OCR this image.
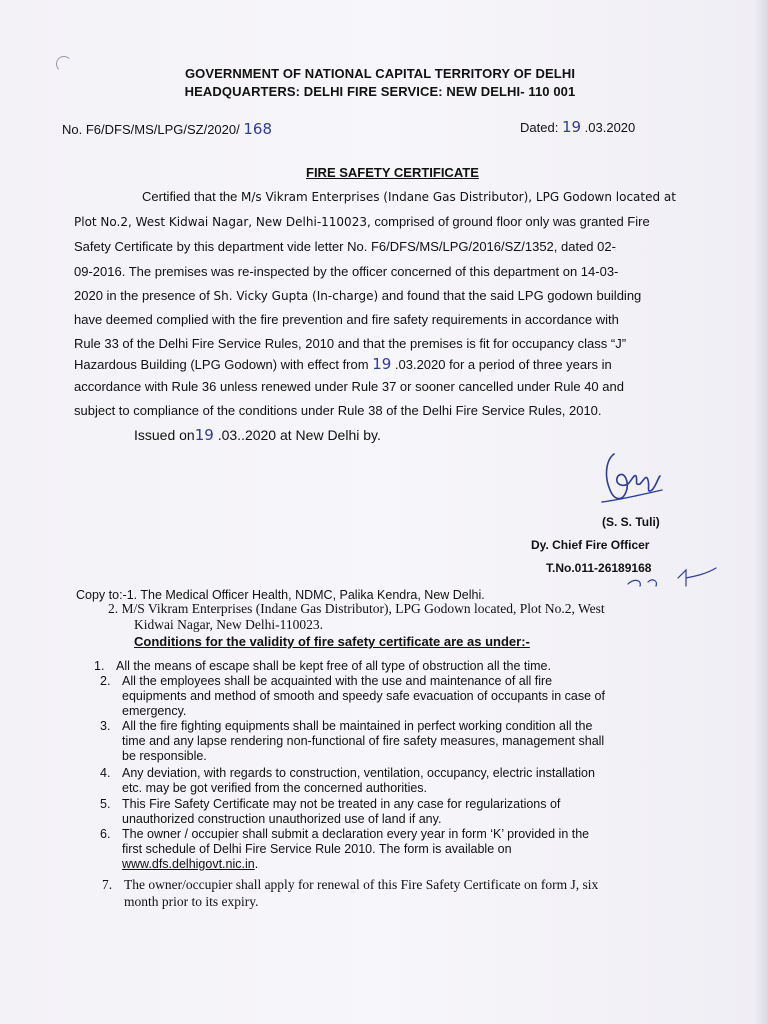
GOVERNMENT OF NATIONAL CAPITAL TERRITORY OF DELHI
HEADQUARTERS: DELHI FIRE SERVICE: NEW DELHI- 110 001
No. F6/DFS/MS/LPG/SZ/2020/ 168	Dated: 19 .03.2020
FIRE SAFETY CERTIFICATE
Certified that the M/s Vikram Enterprises (Indane Gas Distributor), LPG Godown located at
Plot No.2, West Kidwai Nagar, New Delhi-110023, comprised of ground floor only was granted Fire
Safety Certificate by this department vide letter No. F6/DFS/MS/LPG/2016/SZ/1352, dated 02-
09-2016. The premises was re-inspected by the officer concerned of this department on 14-03-
2020 in the presence of Sh. Vicky Gupta (In-charge) and found that the said LPG godown building
have deemed complied with the fire prevention and fire safety requirements in accordance with
Rule 33 of the Delhi Fire Service Rules, 2010 and that the premises is fit for occupancy class “J”
Hazardous Building (LPG Godown) with effect from 19 .03.2020 for a period of three years in
accordance with Rule 36 unless renewed under Rule 37 or sooner cancelled under Rule 40 and
subject to compliance of the conditions under Rule 38 of the Delhi Fire Service Rules, 2010.
Issued on19 .03..2020 at New Delhi by.
(S. S. Tuli)
Dy. Chief Fire Officer
T.No.011-26189168
Copy to:-1. The Medical Officer Health, NDMC, Palika Kendra, New Delhi.
2. M/S Vikram Enterprises (Indane Gas Distributor), LPG Godown located, Plot No.2, West
Kidwai Nagar, New Delhi-110023.
Conditions for the validity of fire safety certificate are as under:-
1. All the means of escape shall be kept free of all type of obstruction all the time.
2. All the employees shall be acquainted with the use and maintenance of all fire
equipments and method of smooth and speedy safe evacuation of occupants in case of
emergency.
3. All the fire fighting equipments shall be maintained in perfect working condition all the
time and any lapse rendering non-functional of fire safety measures, management shall
be responsible.
4. Any deviation, with regards to construction, ventilation, occupancy, electric installation
etc. may be got verified from the concerned authorities.
5. This Fire Safety Certificate may not be treated in any case for regularizations of
unauthorized construction unauthorized use of land if any.
6. The owner / occupier shall submit a declaration every year in form ‘K’ provided in the
first schedule of Delhi Fire Service Rule 2010. The form is available on
www.dfs.delhigovt.nic.in.
7. The owner/occupier shall apply for renewal of this Fire Safety Certificate on form J, six
month prior to its expiry.
